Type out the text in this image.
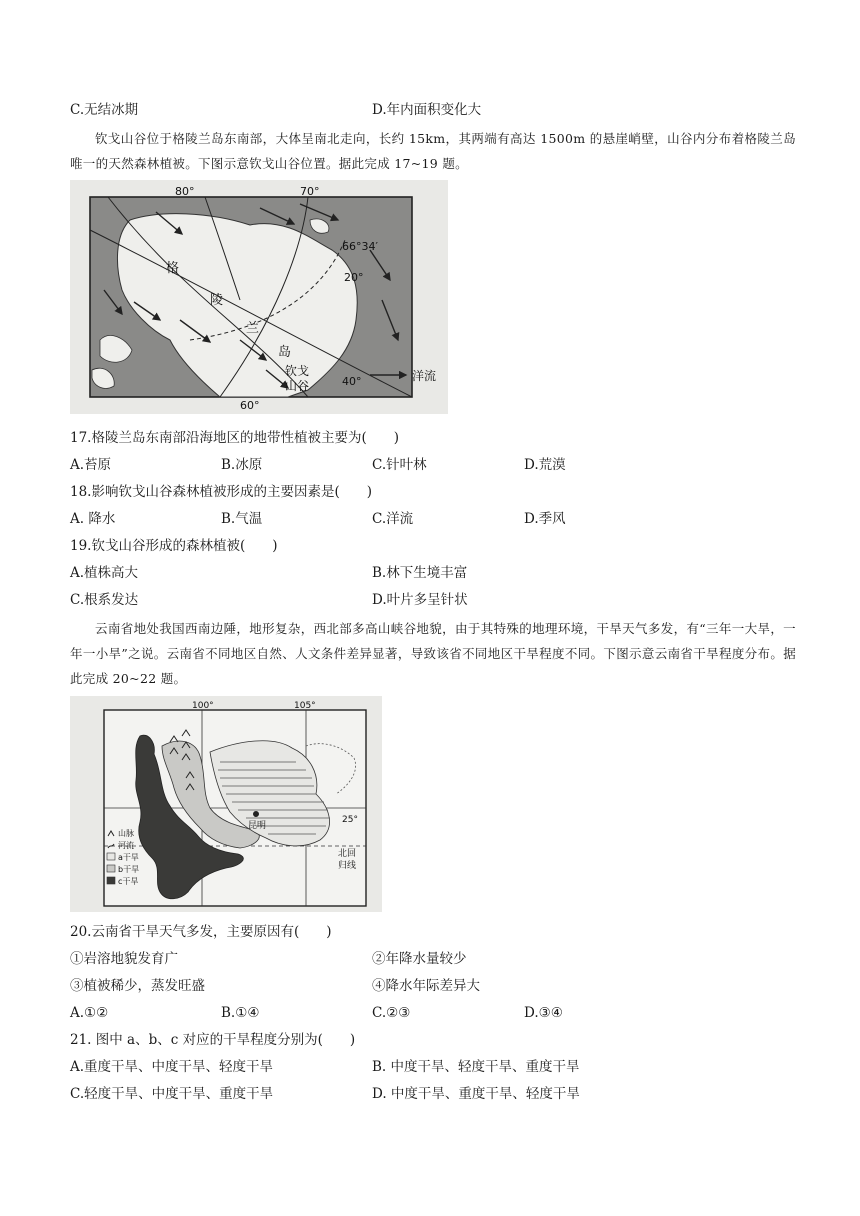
C.无结冰期	D.年内面积变化大
钦戈山谷位于格陵兰岛东南部，大体呈南北走向，长约 15km，其两端有高达 1500m 的悬崖峭壁，山谷内分布着格陵兰岛唯一的天然森林植被。下图示意钦戈山谷位置。据此完成 17~19 题。
80°	70°
60°
40°
66°34′
20°
格
陵
兰
岛
钦戈
山谷
洋流
17.格陵兰岛东南部沿海地区的地带性植被主要为(　　)
A.苔原	B.冰原	C.针叶林	D.荒漠
18.影响钦戈山谷森林植被形成的主要因素是(　　)
A. 降水	B.气温	C.洋流	D.季风
19.钦戈山谷形成的森林植被(　　)
A.植株高大	B.林下生境丰富
C.根系发达	D.叶片多呈针状
云南省地处我国西南边陲，地形复杂，西北部多高山峡谷地貌，由于其特殊的地理环境，干旱天气多发，有“三年一大旱，一年一小旱”之说。云南省不同地区自然、人文条件差异显著，导致该省不同地区干旱程度不同。下图示意云南省干旱程度分布。据此完成 20~22 题。
昆明
100°	105°
25°
北回
归线
山脉
河流
a干旱
b干旱
c干旱
20.云南省干旱天气多发，主要原因有(　　)
①岩溶地貌发育广	②年降水量较少
③植被稀少，蒸发旺盛	④降水年际差异大
A.①②	B.①④	C.②③	D.③④
21. 图中 a、b、c 对应的干旱程度分别为(　　)
A.重度干旱、中度干旱、轻度干旱	B. 中度干旱、轻度干旱、重度干旱
C.轻度干旱、中度干旱、重度干旱	D. 中度干旱、重度干旱、轻度干旱
